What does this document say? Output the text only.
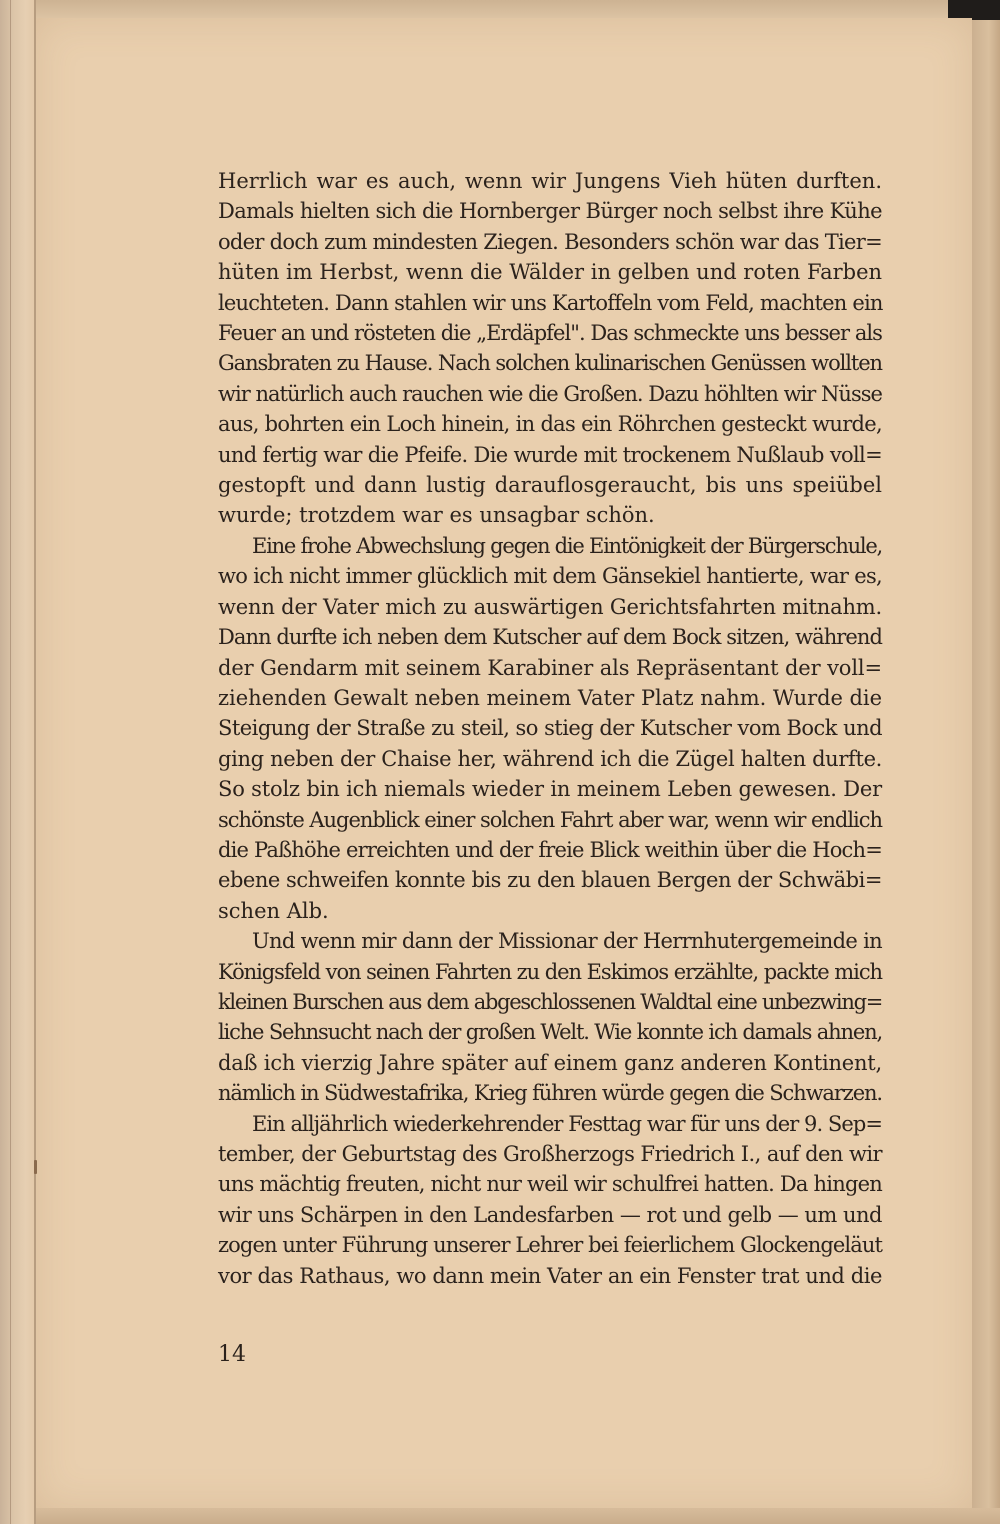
Herrlich war es auch, wenn wir Jungens Vieh hüten durften.
Damals hielten sich die Hornberger Bürger noch selbst ihre Kühe
oder doch zum mindesten Ziegen. Besonders schön war das Tier=
hüten im Herbst, wenn die Wälder in gelben und roten Farben
leuchteten. Dann stahlen wir uns Kartoffeln vom Feld, machten ein
Feuer an und rösteten die „Erdäpfel". Das schmeckte uns besser als
Gansbraten zu Hause. Nach solchen kulinarischen Genüssen wollten
wir natürlich auch rauchen wie die Großen. Dazu höhlten wir Nüsse
aus, bohrten ein Loch hinein, in das ein Röhrchen gesteckt wurde,
und fertig war die Pfeife. Die wurde mit trockenem Nußlaub voll=
gestopft und dann lustig darauflosgeraucht, bis uns speiübel
wurde; trotzdem war es unsagbar schön.
Eine frohe Abwechslung gegen die Eintönigkeit der Bürgerschule,
wo ich nicht immer glücklich mit dem Gänsekiel hantierte, war es,
wenn der Vater mich zu auswärtigen Gerichtsfahrten mitnahm.
Dann durfte ich neben dem Kutscher auf dem Bock sitzen, während
der Gendarm mit seinem Karabiner als Repräsentant der voll=
ziehenden Gewalt neben meinem Vater Platz nahm. Wurde die
Steigung der Straße zu steil, so stieg der Kutscher vom Bock und
ging neben der Chaise her, während ich die Zügel halten durfte.
So stolz bin ich niemals wieder in meinem Leben gewesen. Der
schönste Augenblick einer solchen Fahrt aber war, wenn wir endlich
die Paßhöhe erreichten und der freie Blick weithin über die Hoch=
ebene schweifen konnte bis zu den blauen Bergen der Schwäbi=
schen Alb.
Und wenn mir dann der Missionar der Herrnhutergemeinde in
Königsfeld von seinen Fahrten zu den Eskimos erzählte, packte mich
kleinen Burschen aus dem abgeschlossenen Waldtal eine unbezwing=
liche Sehnsucht nach der großen Welt. Wie konnte ich damals ahnen,
daß ich vierzig Jahre später auf einem ganz anderen Kontinent,
nämlich in Südwestafrika, Krieg führen würde gegen die Schwarzen.
Ein alljährlich wiederkehrender Festtag war für uns der 9. Sep=
tember, der Geburtstag des Großherzogs Friedrich I., auf den wir
uns mächtig freuten, nicht nur weil wir schulfrei hatten. Da hingen
wir uns Schärpen in den Landesfarben — rot und gelb — um und
zogen unter Führung unserer Lehrer bei feierlichem Glockengeläut
vor das Rathaus, wo dann mein Vater an ein Fenster trat und die
14
